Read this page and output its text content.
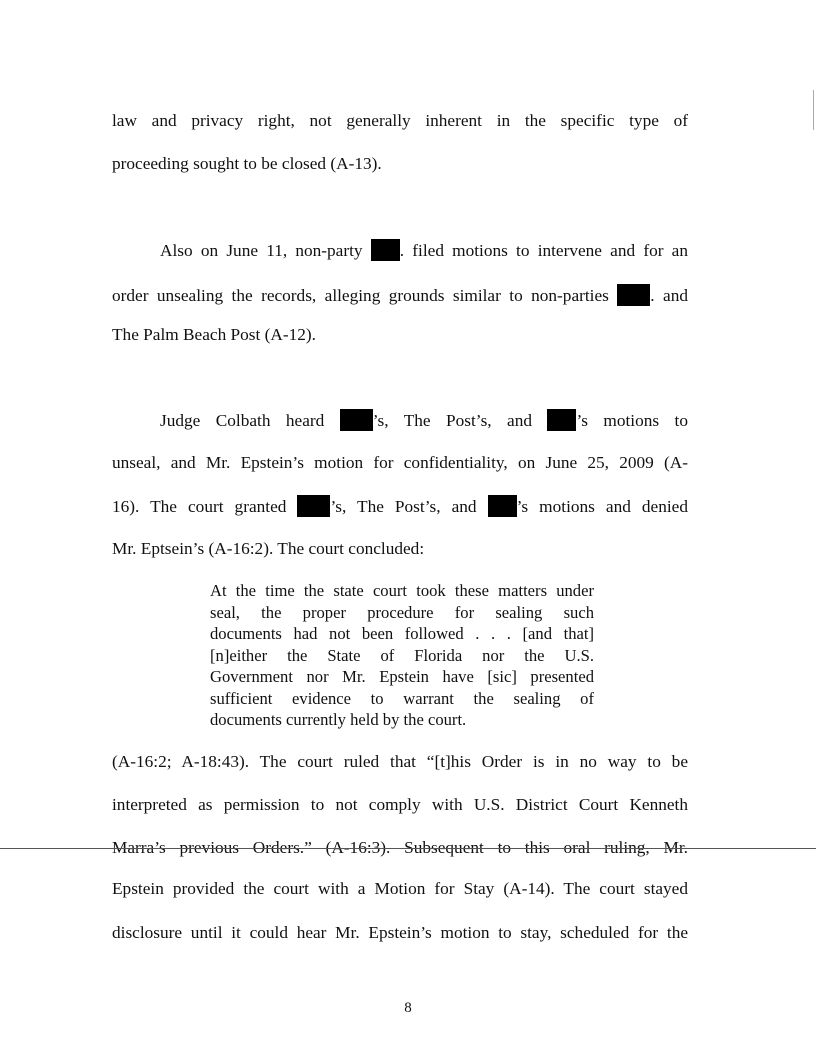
law and privacy right, not generally inherent in the specific type of
proceeding sought to be closed (A-13).
Also on June 11, non-party . filed motions to intervene and for an
order unsealing the records, alleging grounds similar to non-parties . and
The Palm Beach Post (A-12).
Judge Colbath heard	’s, The Post’s, and	’s motions to
unseal, and Mr. Epstein’s motion for confidentiality, on June 25, 2009 (A-
16). The court granted	’s, The Post’s, and ’s motions and denied
Mr. Eptsein’s (A-16:2). The court concluded:
At the time the state court took these matters under
seal, the proper procedure for sealing such
documents had not been followed . . . [and that]
[n]either the State of Florida nor the U.S.
Government nor Mr. Epstein have [sic] presented
sufficient evidence to warrant the sealing of
documents currently held by the court.
(A-16:2; A-18:43). The court ruled that “[t]his Order is in no way to be
interpreted as permission to not comply with U.S. District Court Kenneth
Marra’s previous Orders.” (A-16:3). Subsequent to this oral ruling, Mr.
Epstein provided the court with a Motion for Stay (A-14). The court stayed
disclosure until it could hear Mr. Epstein’s motion to stay, scheduled for the
8
